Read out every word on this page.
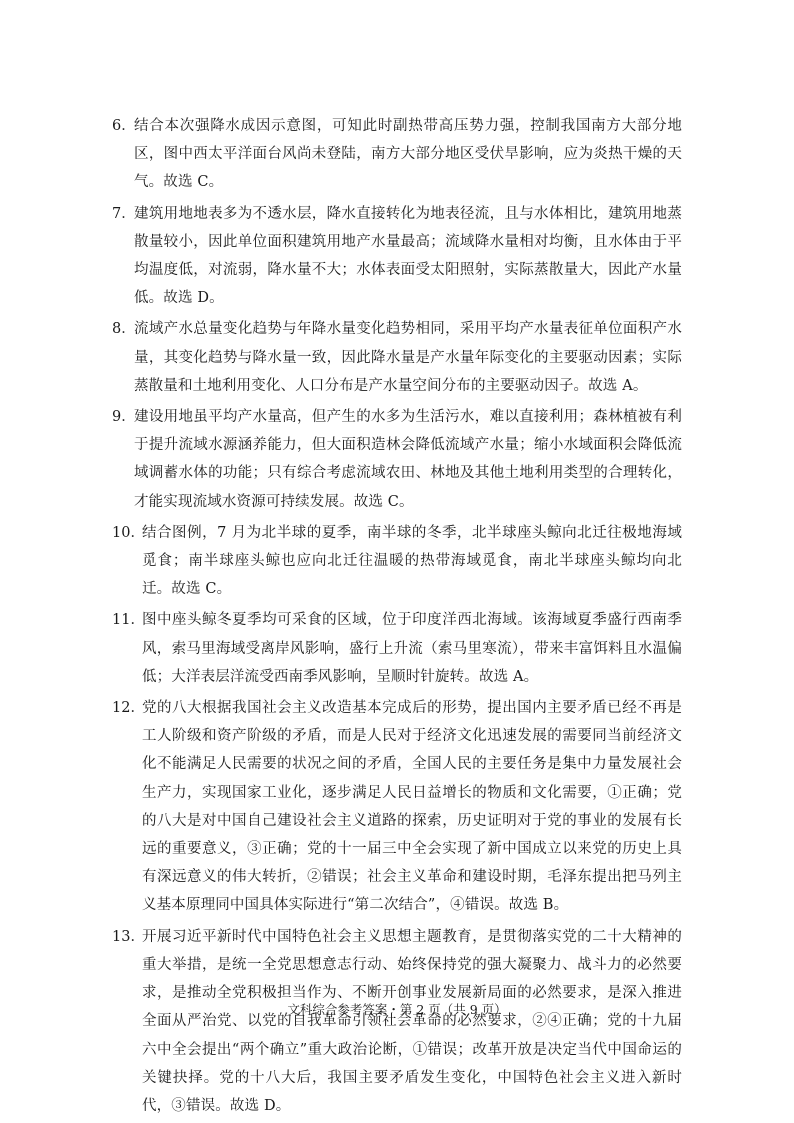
6．
结合本次强降水成因示意图，可知此时副热带高压势力强，控制我国南方大部分地区，图中西太平洋面台风尚未登陆，南方大部分地区受伏旱影响，应为炎热干燥的天气。故选 C。
7．
建筑用地地表多为不透水层，降水直接转化为地表径流，且与水体相比，建筑用地蒸散量较小，因此单位面积建筑用地产水量最高；流域降水量相对均衡，且水体由于平均温度低，对流弱，降水量不大；水体表面受太阳照射，实际蒸散量大，因此产水量低。故选 D。
8．
流域产水总量变化趋势与年降水量变化趋势相同，采用平均产水量表征单位面积产水量，其变化趋势与降水量一致，因此降水量是产水量年际变化的主要驱动因素；实际蒸散量和土地利用变化、人口分布是产水量空间分布的主要驱动因子。故选 A。
9．
建设用地虽平均产水量高，但产生的水多为生活污水，难以直接利用；森林植被有利于提升流域水源涵养能力，但大面积造林会降低流域产水量；缩小水域面积会降低流域调蓄水体的功能；只有综合考虑流域农田、林地及其他土地利用类型的合理转化，才能实现流域水资源可持续发展。故选 C。
10．
结合图例，7 月为北半球的夏季，南半球的冬季，北半球座头鲸向北迁往极地海域觅食；南半球座头鲸也应向北迁往温暖的热带海域觅食，南北半球座头鲸均向北迁。故选 C。
11．
图中座头鲸冬夏季均可采食的区域，位于印度洋西北海域。该海域夏季盛行西南季风，索马里海域受离岸风影响，盛行上升流（索马里寒流），带来丰富饵料且水温偏低；大洋表层洋流受西南季风影响，呈顺时针旋转。故选 A。
12．
党的八大根据我国社会主义改造基本完成后的形势，提出国内主要矛盾已经不再是工人阶级和资产阶级的矛盾，而是人民对于经济文化迅速发展的需要同当前经济文化不能满足人民需要的状况之间的矛盾，全国人民的主要任务是集中力量发展社会生产力，实现国家工业化，逐步满足人民日益增长的物质和文化需要，①正确；党的八大是对中国自己建设社会主义道路的探索，历史证明对于党的事业的发展有长远的重要意义，③正确；党的十一届三中全会实现了新中国成立以来党的历史上具有深远意义的伟大转折，②错误；社会主义革命和建设时期，毛泽东提出把马列主义基本原理同中国具体实际进行“第二次结合”，④错误。故选 B。
13．
开展习近平新时代中国特色社会主义思想主题教育，是贯彻落实党的二十大精神的重大举措，是统一全党思想意志行动、始终保持党的强大凝聚力、战斗力的必然要求，是推动全党积极担当作为、不断开创事业发展新局面的必然要求，是深入推进全面从严治党、以党的自我革命引领社会革命的必然要求，②④正确；党的十九届六中全会提出“两个确立”重大政治论断，①错误；改革开放是决定当代中国命运的关键抉择。党的十八大后，我国主要矛盾发生变化，中国特色社会主义进入新时代，③错误。故选 D。
文科综合参考答案・第 2 页（共 9 页）
